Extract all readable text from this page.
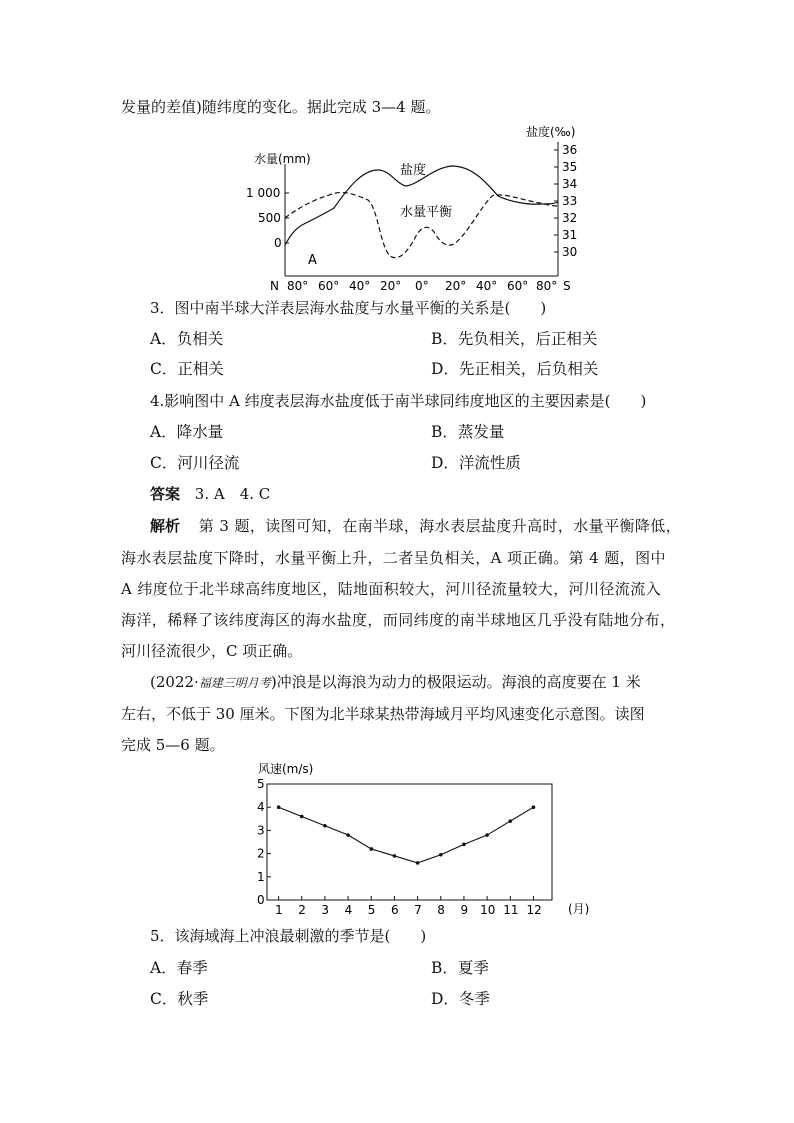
发量的差值)随纬度的变化。据此完成 3—4 题。
水量(mm)
盐度(‰)
1 000
500
0
36
35
34
33
32
31
30
N 80° 60° 40° 20° 0° 20° 40° 60° 80° S
盐度
水量平衡
A
3．图中南半球大洋表层海水盐度与水量平衡的关系是(　　)
A．负相关	B．先负相关，后正相关
C．正相关	D．先正相关，后负相关
4.影响图中 A 纬度表层海水盐度低于南半球同纬度地区的主要因素是(　　)
A．降水量	B．蒸发量
C．河川径流	D．洋流性质
答案 3. A　4. C
解析 第 3 题，读图可知，在南半球，海水表层盐度升高时，水量平衡降低，
海水表层盐度下降时，水量平衡上升，二者呈负相关，A 项正确。第 4 题，图中
A 纬度位于北半球高纬度地区，陆地面积较大，河川径流量较大，河川径流流入
海洋，稀释了该纬度海区的海水盐度，而同纬度的南半球地区几乎没有陆地分布，
河川径流很少，C 项正确。
(2022·福建三明月考)冲浪是以海浪为动力的极限运动。海浪的高度要在 1 米
左右，不低于 30 厘米。下图为北半球某热带海域月平均风速变化示意图。读图
完成 5—6 题。
风速(m/s)
(月)
0
1
2
3
4
5
1 2 3 4 5 6 7 8 9 10 11 12
5．该海域海上冲浪最刺激的季节是(　　)
A．春季	B．夏季
C．秋季	D．冬季
